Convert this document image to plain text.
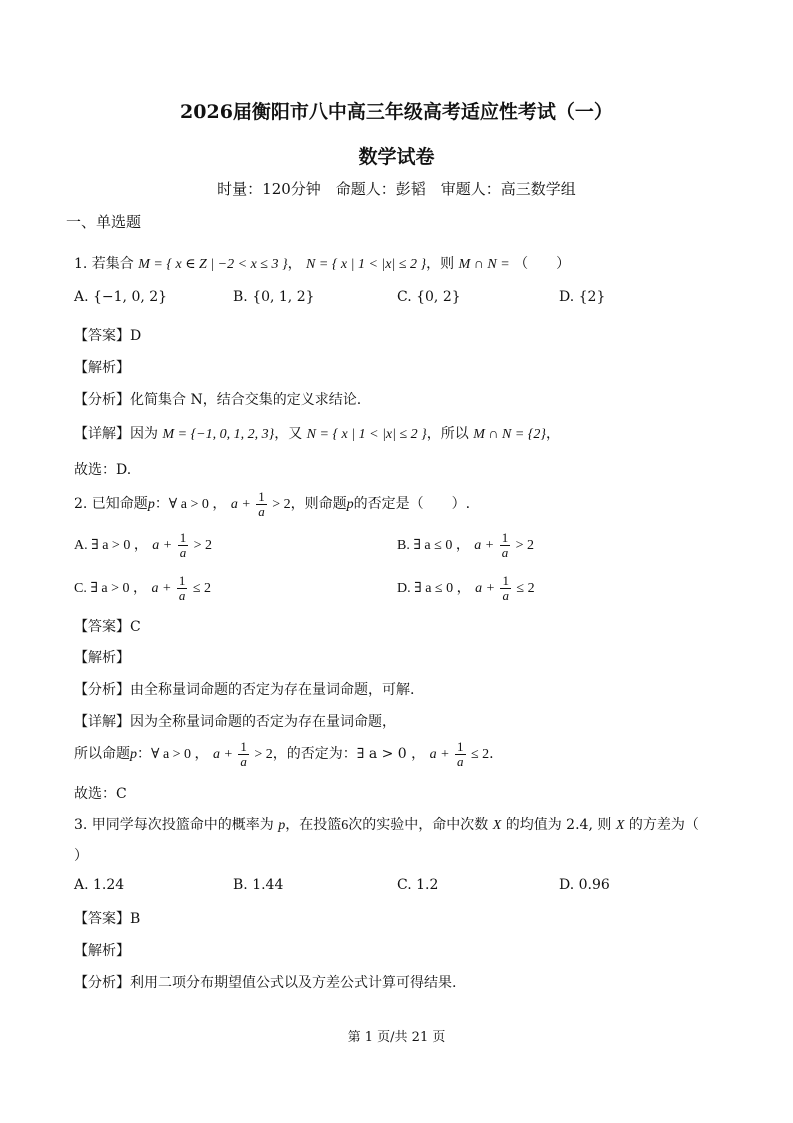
2026届衡阳市八中高三年级高考适应性考试（一）
数学试卷
时量：120分钟　命题人：彭韬　审题人：高三数学组
一、单选题
1. 若集合 M = { x ∈ Z | −2 < x ≤ 3 }， N = { x | 1 < |x| ≤ 2 }，则 M ∩ N = （　　）
A. {−1, 0, 2}	B. {0, 1, 2}	C. {0, 2}	D. {2}
【答案】D
【解析】
【分析】化简集合 N，结合交集的定义求结论.
【详解】因为 M = {−1, 0, 1, 2, 3}，又 N = { x | 1 < |x| ≤ 2 }，所以 M ∩ N = {2}，
故选：D.
2. 已知命题p：∀ a > 0 ， $a + \frac{1}{a} > 2$，则命题p的否定是（　　）.
A. ∃ a > 0 ， $a + \frac{1}{a} > 2$	B. ∃ a ≤ 0 ， $a + \frac{1}{a} > 2$
C. ∃ a > 0 ， $a + \frac{1}{a} \le 2$	D. ∃ a ≤ 0 ， $a + \frac{1}{a} \le 2$
【答案】C
【解析】
【分析】由全称量词命题的否定为存在量词命题，可解.
【详解】因为全称量词命题的否定为存在量词命题，
所以命题p：∀ a > 0 ， $a + \frac{1}{a} > 2$，的否定为：∃ a > 0 ， $a + \frac{1}{a} \le 2$.
故选：C
3. 甲同学每次投篮命中的概率为 p，在投篮6次的实验中，命中次数 X 的均值为 2.4, 则 X 的方差为（
）
A. 1.24	B. 1.44	C. 1.2	D. 0.96
【答案】B
【解析】
【分析】利用二项分布期望值公式以及方差公式计算可得结果.
第 1 页/共 21 页
